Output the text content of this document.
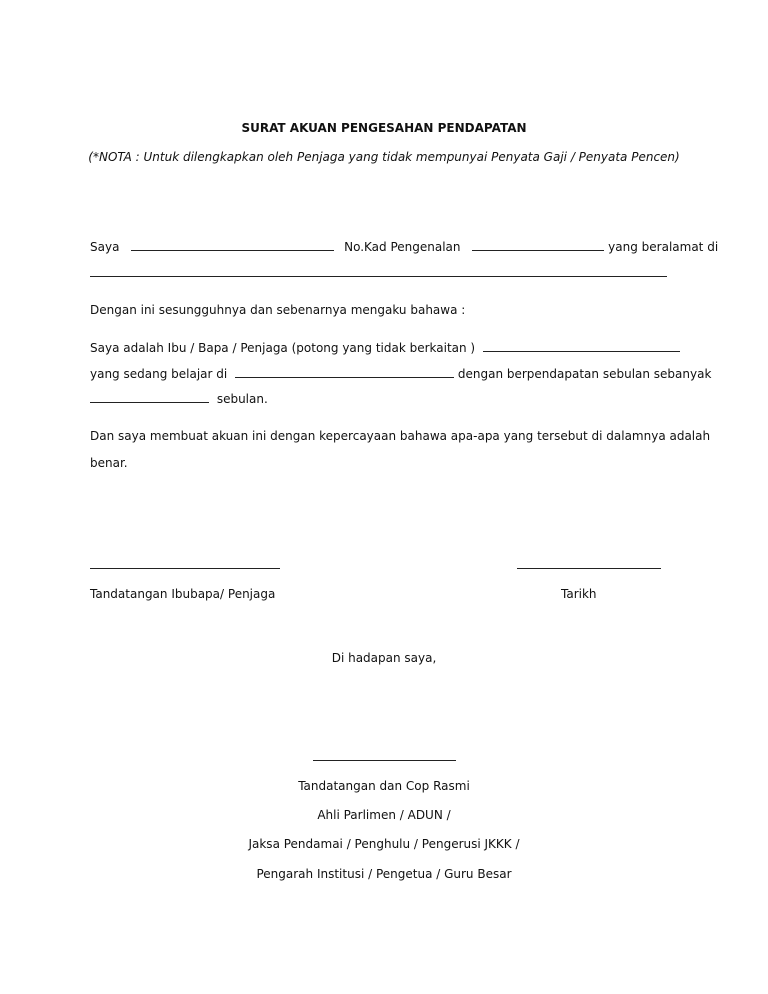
SURAT AKUAN PENGESAHAN PENDAPATAN
(*NOTA : Untuk dilengkapkan oleh Penjaga yang tidak mempunyai Penyata Gaji / Penyata Pencen)
Saya	No.Kad Pengenalan	yang beralamat di
Dengan ini sesungguhnya dan sebenarnya mengaku bahawa :
Saya adalah Ibu / Bapa / Penjaga (potong yang tidak berkaitan )
yang sedang belajar di	dengan berpendapatan sebulan sebanyak
sebulan.
Dan saya membuat akuan ini dengan kepercayaan bahawa apa-apa yang tersebut di dalamnya adalah
benar.
Tandatangan Ibubapa/ Penjaga	Tarikh
Di hadapan saya,
Tandatangan dan Cop Rasmi
Ahli Parlimen / ADUN /
Jaksa Pendamai / Penghulu / Pengerusi JKKK /
Pengarah Institusi / Pengetua / Guru Besar
